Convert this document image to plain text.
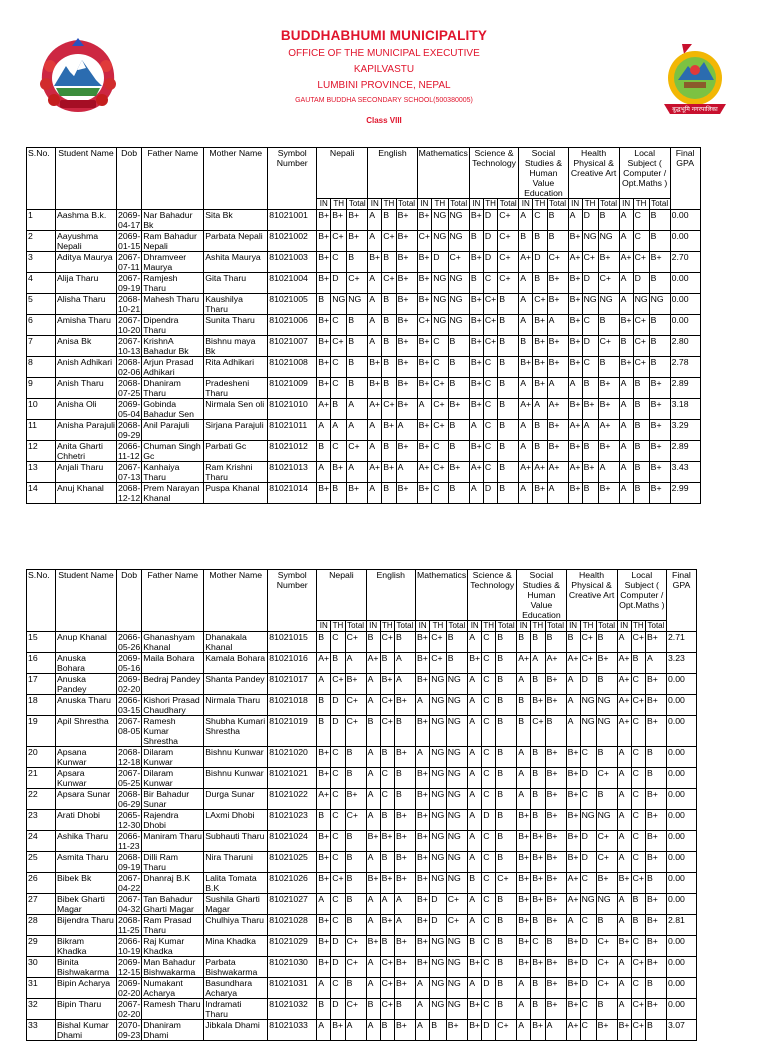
BUDDHABHUMI MUNICIPALITY
OFFICE OF THE MUNICIPAL EXECUTIVE
KAPILVASTU
LUMBINI PROVINCE, NEPAL
GAUTAM BUDDHA SECONDARY SCHOOL(500380005)
Class VIII
बुद्धभूमि नगरपालिका
S.No.	Student Name	Dob	Father Name	Mother Name	Symbol Number	Nepali			English			Mathematics			Science & Technology			Social Studies & Human Value Education			Health Physical & Creative Art			Local Subject ( Computer / Opt.Maths )			Final GPA
						IN	TH	Total	IN	TH	Total	IN	TH	Total	IN	TH	Total	IN	TH	Total	IN	TH	Total	IN	TH	Total	
1	Aashma B.k.	2069-04-17	Nar Bahadur Bk	Sita Bk	81021001	B+	B+	B+	A	B	B+	B+	NG	NG	B+	D	C+	A	C	B	A	D	B	A	C	B	0.00
2	Aayushma Nepali	2069-01-15	Ram Bahadur Nepali	Parbata Nepali	81021002	B+	C+	B+	A	C+	B+	C+	NG	NG	B	D	C+	B	B	B	B+	NG	NG	A	C	B	0.00
3	Aditya Maurya	2067-07-11	Dhramveer Maurya	Ashita Maurya	81021003	B+	C	B	B+	B	B+	B+	D	C+	B+	D	C+	A+	D	C+	A+	C+	B+	A+	C+	B+	2.70
4	Alija Tharu	2067-09-19	Ramjesh Tharu	Gita Tharu	81021004	B+	D	C+	A	C+	B+	B+	NG	NG	B	C	C+	A	B	B+	B+	D	C+	A	D	B	0.00
5	Alisha Tharu	2068-10-21	Mahesh Tharu	Kaushilya Tharu	81021005	B	NG	NG	A	B	B+	B+	NG	NG	B+	C+	B	A	C+	B+	B+	NG	NG	A	NG	NG	0.00
6	Amisha Tharu	2067-10-20	Dipendra Tharu	Sunita Tharu	81021006	B+	C	B	A	B	B+	C+	NG	NG	B+	C+	B	A	B+	A	B+	C	B	B+	C+	B	0.00
7	Anisa Bk	2067-10-13	KrishnA Bahadur Bk	Bishnu maya Bk	81021007	B+	C+	B	A	B	B+	B+	C	B	B+	C+	B	B	B+	B+	B+	D	C+	B	C+	B	2.80
8	Anish Adhikari	2068-02-06	Arjun Prasad Adhikari	Rita Adhikari	81021008	B+	C	B	B+	B	B+	B+	C	B	B+	C	B	B+	B+	B+	B+	C	B	B+	C+	B	2.78
9	Anish Tharu	2068-07-25	Dhaniram Tharu	Pradesheni Tharu	81021009	B+	C	B	B+	B	B+	B+	C+	B	B+	C	B	A	B+	A	A	B	B+	A	B	B+	2.89
10	Anisha Oli	2069-05-04	Gobinda Bahadur Sen	Nirmala Sen oli	81021010	A+	B	A	A+	C+	B+	A	C+	B+	B+	C	B	A+	A	A+	B+	B+	B+	A	B	B+	3.18
11	Anisha Parajuli	2068-09-29	Anil Parajuli	Sirjana Parajuli	81021011	A	A	A	A	B+	A	B+	C+	B	A	C	B	A	B	B+	A+	A	A+	A	B	B+	3.29
12	Anita Gharti Chhetri	2066-11-12	Chuman Singh Gc	Parbati Gc	81021012	B	C	C+	A	B	B+	B+	C	B	B+	C	B	A	B	B+	B+	B	B+	A	B	B+	2.89
13	Anjali Tharu	2067-07-13	Kanhaiya Tharu	Ram Krishni Tharu	81021013	A	B+	A	A+	B+	A	A+	C+	B+	A+	C	B	A+	A+	A+	A+	B+	A	A	B	B+	3.43
14	Anuj Khanal	2068-12-12	Prem Narayan Khanal	Puspa Khanal	81021014	B+	B	B+	A	B	B+	B+	C	B	A	D	B	A	B+	A	B+	B	B+	A	B	B+	2.99
S.No.	Student Name	Dob	Father Name	Mother Name	Symbol Number	Nepali			English			Mathematics			Science & Technology			Social Studies & Human Value Education			Health Physical & Creative Art			Local Subject ( Computer / Opt.Maths )			Final GPA
						IN	TH	Total	IN	TH	Total	IN	TH	Total	IN	TH	Total	IN	TH	Total	IN	TH	Total	IN	TH	Total	
15	Anup Khanal	2066-05-26	Ghanashyam Khanal	Dhanakala Khanal	81021015	B	C	C+	B	C+	B	B+	C+	B	A	C	B	B	B	B	B	C+	B	A	C+	B+	2.71
16	Anuska Bohara	2069-05-16	Maila Bohara	Kamala Bohara	81021016	A+	B	A	A+	B	A	B+	C+	B	B+	C	B	A+	A	A+	A+	C+	B+	A+	B	A	3.23
17	Anuska Pandey	2069-02-20	Bedraj Pandey	Shanta Pandey	81021017	A	C+	B+	A	B+	A	B+	NG	NG	A	C	B	A	B	B+	A	D	B	A+	C	B+	0.00
18	Anuska Tharu	2066-03-15	Kishori Prasad Chaudhary	Nirmala Tharu	81021018	B	D	C+	A	C+	B+	A	NG	NG	A	C	B	B	B+	B+	A	NG	NG	A+	C+	B+	0.00
19	Apil Shrestha	2067-08-05	Ramesh Kumar Shrestha	Shubha Kumari Shrestha	81021019	B	D	C+	B	C+	B	B+	NG	NG	A	C	B	B	C+	B	A	NG	NG	A+	C	B+	0.00
20	Apsana Kunwar	2068-12-18	Dilaram Kunwar	Bishnu Kunwar	81021020	B+	C	B	A	B	B+	A	NG	NG	A	C	B	A	B	B+	B+	C	B	A	C	B	0.00
21	Apsara Kunwar	2067-05-25	Dilaram Kunwar	Bishnu Kunwar	81021021	B+	C	B	A	C	B	B+	NG	NG	A	C	B	A	B	B+	B+	D	C+	A	C	B	0.00
22	Apsara Sunar	2068-06-29	Bir Bahadur Sunar	Durga Sunar	81021022	A+	C	B+	A	C	B	B+	NG	NG	A	C	B	A	B	B+	B+	C	B	A	C	B+	0.00
23	Arati Dhobi	2065-12-30	Rajendra Dhobi	LAxmi Dhobi	81021023	B	C	C+	A	B	B+	B+	NG	NG	A	D	B	B+	B	B+	B+	NG	NG	A	C	B+	0.00
24	Ashika Tharu	2066-11-23	Maniram Tharu	Subhauti Tharu	81021024	B+	C	B	B+	B+	B+	B+	NG	NG	A	C	B	B+	B+	B+	B+	D	C+	A	C	B+	0.00
25	Asmita Tharu	2068-09-19	Dilli Ram Tharu	Nira Tharuni	81021025	B+	C	B	A	B	B+	B+	NG	NG	A	C	B	B+	B+	B+	B+	D	C+	A	C	B+	0.00
26	Bibek Bk	2067-04-22	Dhanraj B.K	Lalita Tomata B.K	81021026	B+	C+	B	B+	B+	B+	B+	NG	NG	B	C	C+	B+	B+	B+	A+	C	B+	B+	C+	B	0.00
27	Bibek Gharti Magar	2067-04-32	Tan Bahadur Gharti Magar	Sushila Gharti Magar	81021027	A	C	B	A	A	A	B+	D	C+	A	C	B	B+	B+	B+	A+	NG	NG	A	B	B+	0.00
28	Bijendra Tharu	2068-11-25	Ram Prasad Tharu	Chulhiya Tharu	81021028	B+	C	B	A	B+	A	B+	D	C+	A	C	B	B+	B	B+	A	C	B	A	B	B+	2.81
29	Bikram Khadka	2066-10-19	Raj Kumar Khadka	Mina Khadka	81021029	B+	D	C+	B+	B	B+	B+	NG	NG	B	C	B	B+	C	B	B+	D	C+	B+	C	B+	0.00
30	Binita Bishwakarma	2069-12-15	Man Bahadur Bishwakarma	Parbata Bishwakarma	81021030	B+	D	C+	A	C+	B+	B+	NG	NG	B+	C	B	B+	B+	B+	B+	D	C+	A	C+	B+	0.00
31	Bipin Acharya	2069-02-20	Numakant Acharya	Basundhara Acharya	81021031	A	C	B	A	C+	B+	A	NG	NG	A	D	B	A	B	B+	B+	D	C+	A	C	B	0.00
32	Bipin Tharu	2067-02-20	Ramesh Tharu	Indramati Tharu	81021032	B	D	C+	B	C+	B	A	NG	NG	B+	C	B	A	B	B+	B+	C	B	A	C+	B+	0.00
33	Bishal Kumar Dhami	2070-09-23	Dhaniram Dhami	Jibkala Dhami	81021033	A	B+	A	A	B	B+	A	B	B+	B+	D	C+	A	B+	A	A+	C	B+	B+	C+	B	3.07
